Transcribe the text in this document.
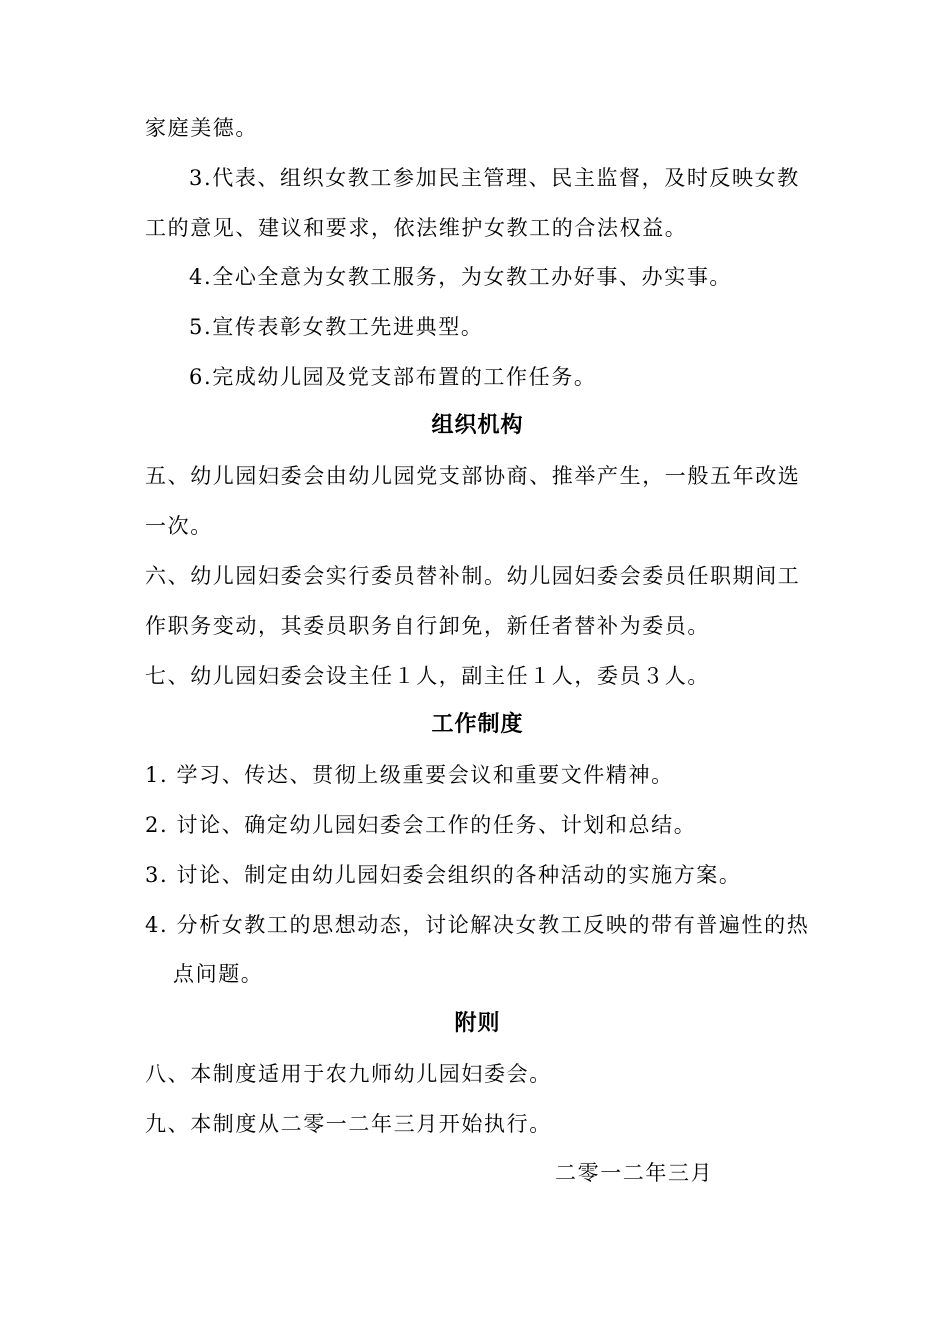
家庭美德。
3.代表、组织女教工参加民主管理、民主监督，及时反映女教
工的意见、建议和要求，依法维护女教工的合法权益。
4.全心全意为女教工服务，为女教工办好事、办实事。
5.宣传表彰女教工先进典型。
6.完成幼儿园及党支部布置的工作任务。
组织机构
五、幼儿园妇委会由幼儿园党支部协商、推举产生，一般五年改选
一次。
六、幼儿园妇委会实行委员替补制。幼儿园妇委会委员任职期间工
作职务变动，其委员职务自行卸免，新任者替补为委员。
七、幼儿园妇委会设主任１人，副主任１人，委员３人。
工作制度
1. 学习、传达、贯彻上级重要会议和重要文件精神。
2. 讨论、确定幼儿园妇委会工作的任务、计划和总结。
3. 讨论、制定由幼儿园妇委会组织的各种活动的实施方案。
4. 分析女教工的思想动态，讨论解决女教工反映的带有普遍性的热
点问题。
附则
八、本制度适用于农九师幼儿园妇委会。
九、本制度从二零一二年三月开始执行。
二零一二年三月
